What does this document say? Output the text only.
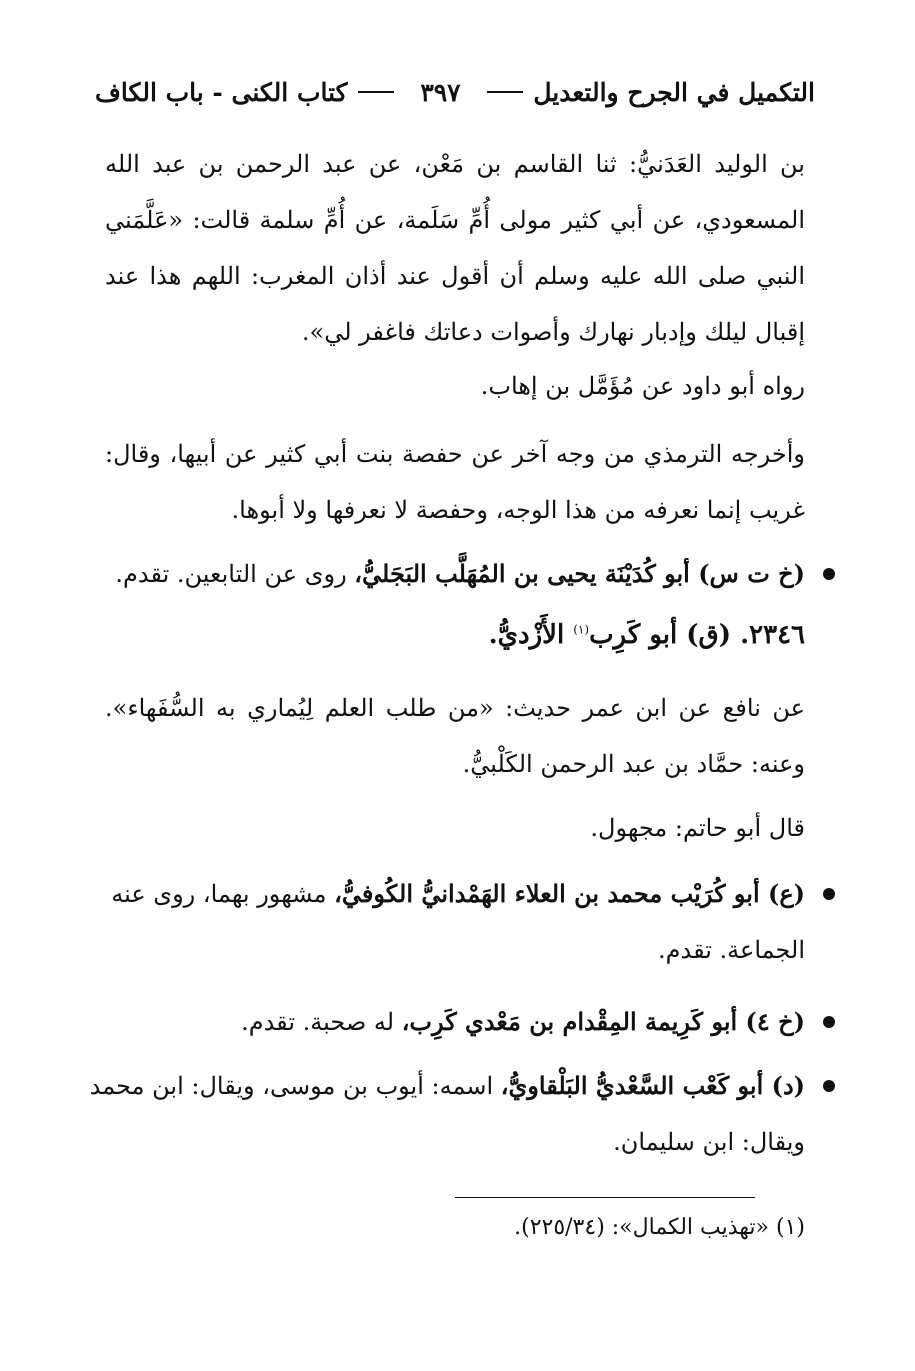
التكميل في الجرح والتعديل
٣٩٧
كتاب الكنى - باب الكاف
بن الوليد العَدَنيُّ: ثنا القاسم بن مَعْن، عن عبد الرحمن بن عبد الله المسعودي، عن أبي كثير مولى أُمِّ سَلَمة، عن أُمِّ سلمة قالت: «عَلَّمَني النبي صلى الله عليه وسلم أن أقول عند أذان المغرب: اللهم هذا عند إقبال ليلك وإدبار نهارك وأصوات دعاتك فاغفر لي».
رواه أبو داود عن مُؤَمَّل بن إهاب.
وأخرجه الترمذي من وجه آخر عن حفصة بنت أبي كثير عن أبيها، وقال: غريب إنما نعرفه من هذا الوجه، وحفصة لا نعرفها ولا أبوها.
(خ ت س) أبو كُدَيْنَة يحيى بن المُهَلَّب البَجَليُّ، روى عن التابعين. تقدم.
٢٣٤٦. (ق) أبو كَرِب$^{(١)}$ الأَزْديُّ.
عن نافع عن ابن عمر حديث: «من طلب العلم لِيُماري به السُّفَهاء». وعنه: حمَّاد بن عبد الرحمن الكَلْبيُّ.
قال أبو حاتم: مجهول.
(ع) أبو كُرَيْب محمد بن العلاء الهَمْدانيُّ الكُوفيُّ، مشهور بهما، روى عنه الجماعة. تقدم.
(خ ٤) أبو كَرِيمة المِقْدام بن مَعْدي كَرِب، له صحبة. تقدم.
(د) أبو كَعْب السَّعْديُّ البَلْقاويُّ، اسمه: أيوب بن موسى، ويقال: ابن محمد ويقال: ابن سليمان.
(١) «تهذيب الكمال»: (٢٢٥/٣٤).
